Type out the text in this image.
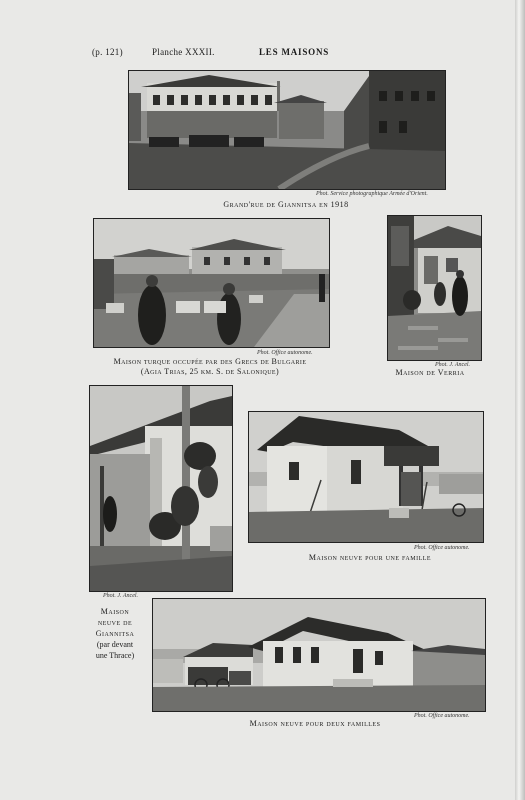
(p. 121)	Planche XXXII.	LES MAISONS
Phot. Service photographique Armée d'Orient.
Grand'rue de Giannitsa en 1918
Phot. Office autonome.
Maison turque occupée par des Grecs de Bulgarie
(Agia Trias, 25 km. S. de Salonique)
Phot. J. Ancel.
Maison de Verria
Phot. J. Ancel.
Maison
neuve de
Giannitsa
(par devant
une Thrace)
Phot. Office autonome.
Maison neuve pour une famille
Phot. Office autonome.
Maison neuve pour deux familles
